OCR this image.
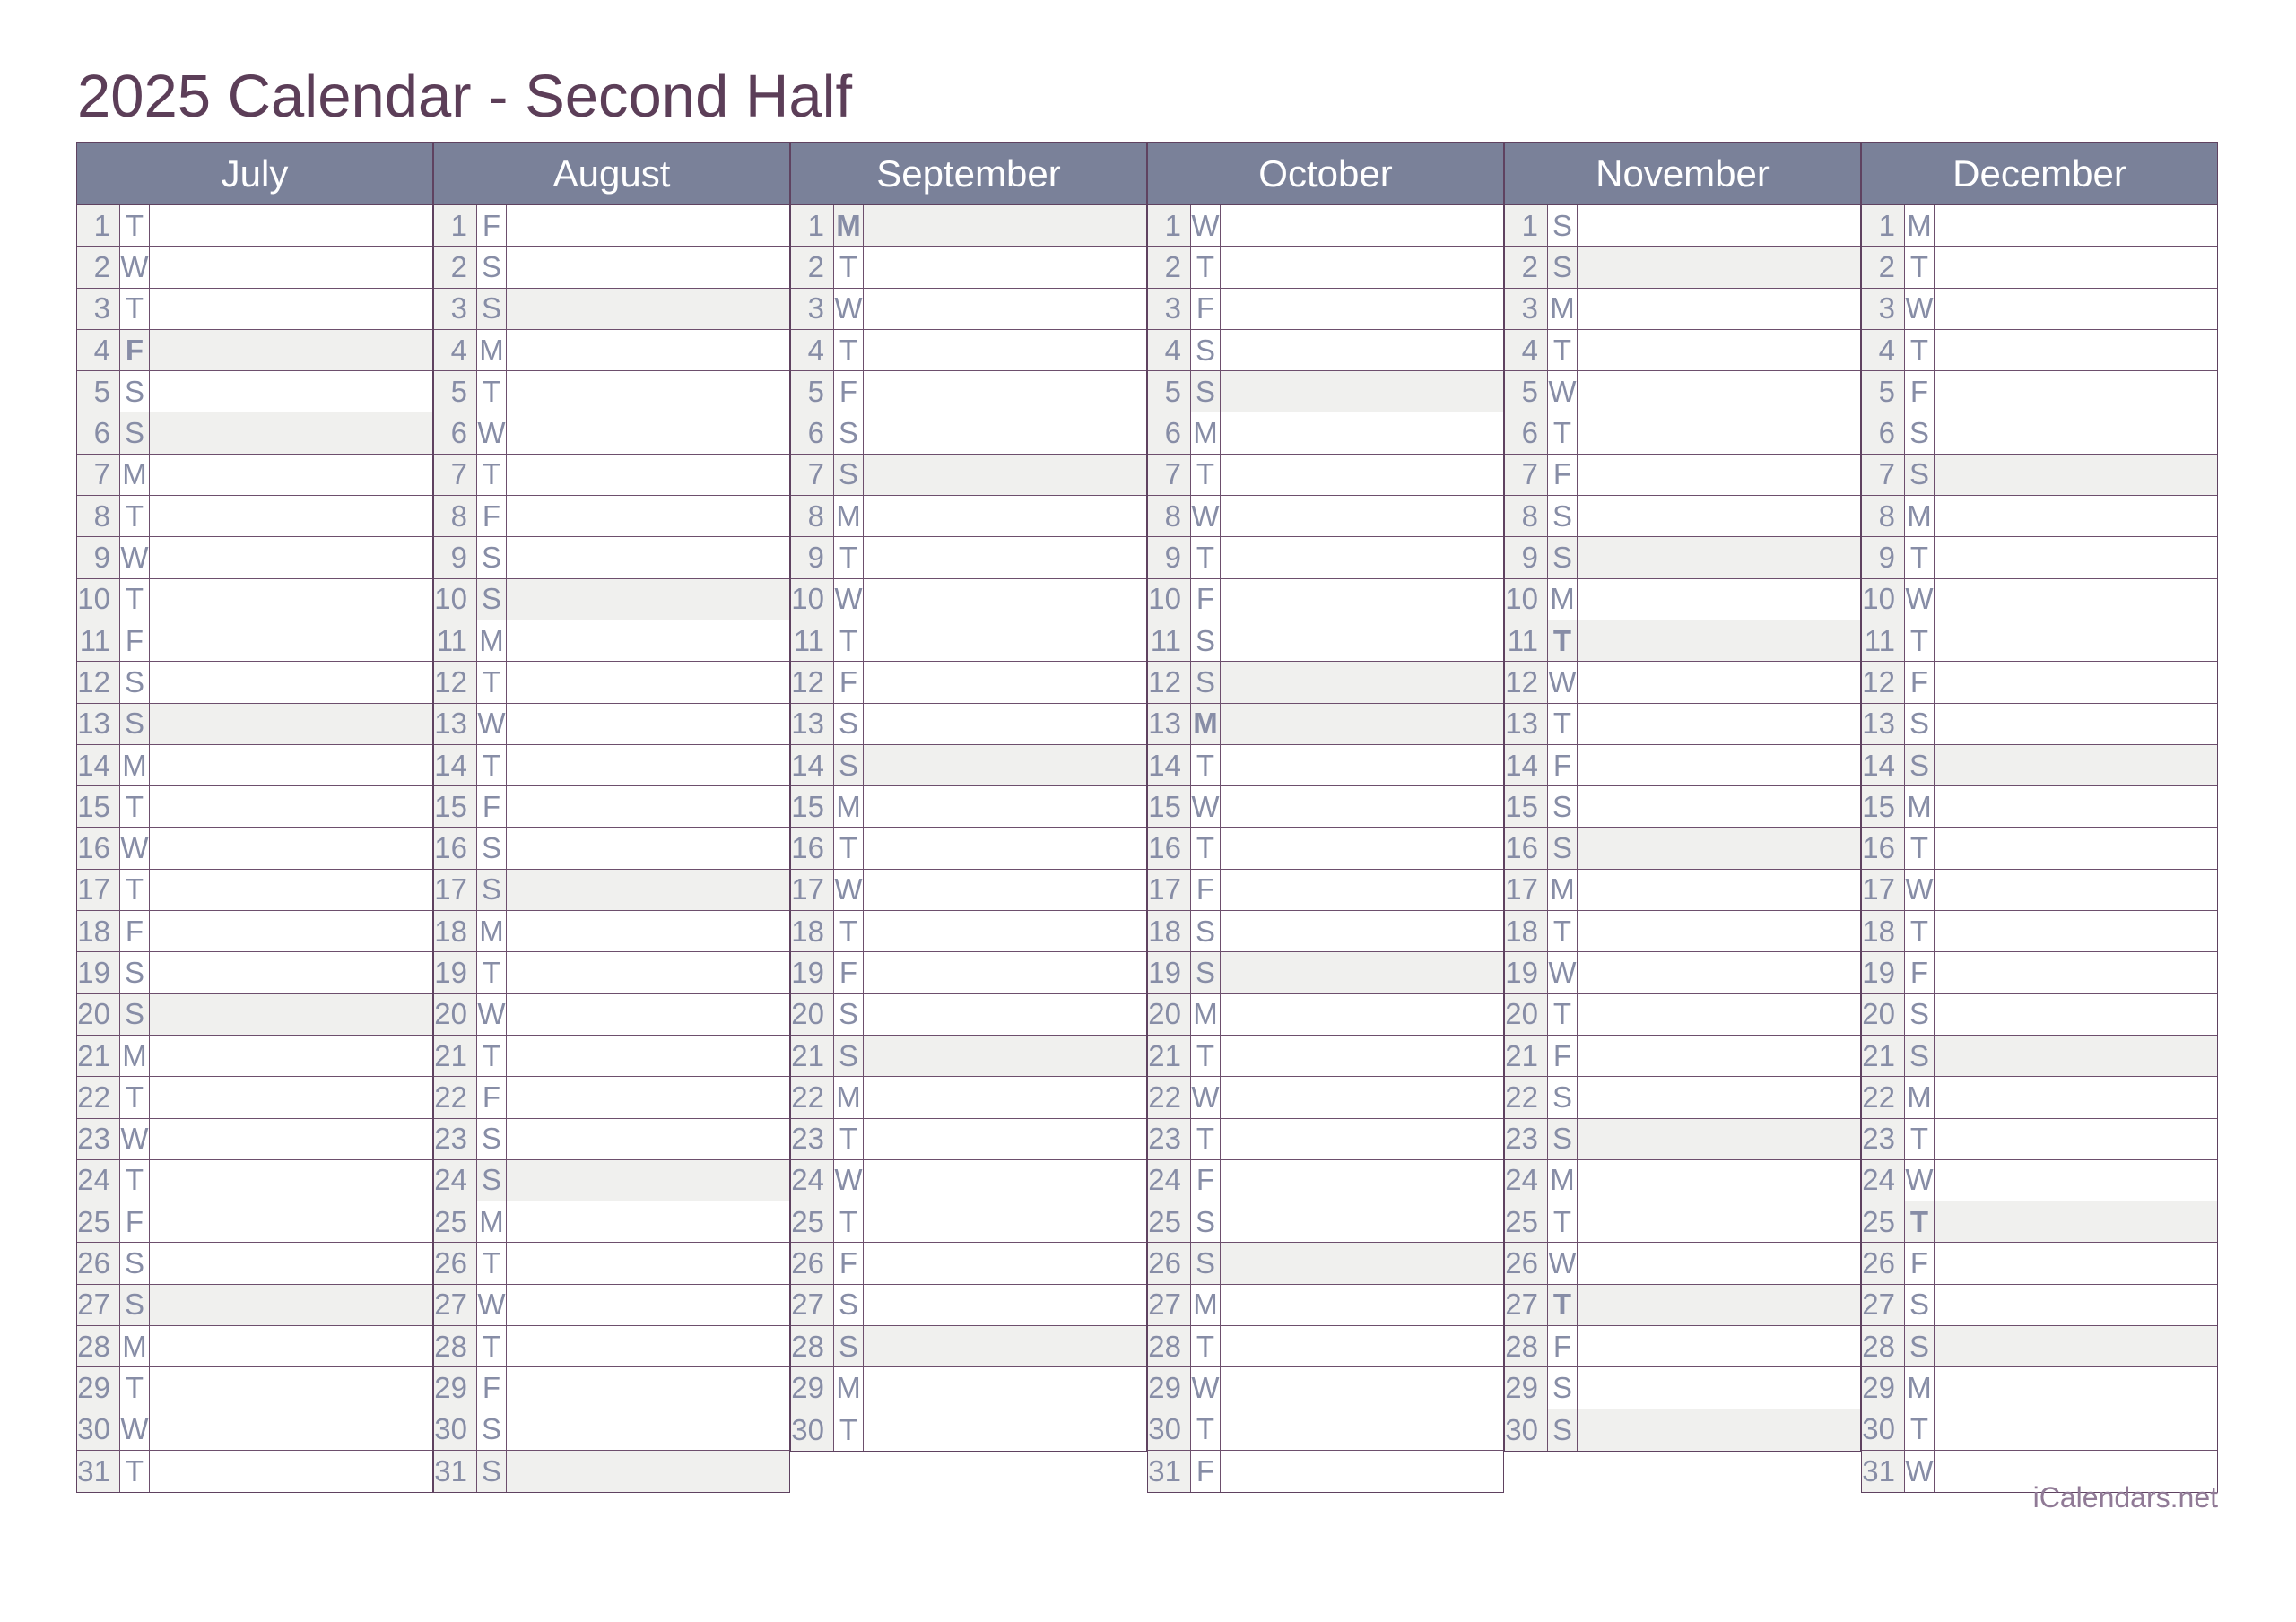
2025 Calendar - Second Half
July
1 T
2 W
3 T
4 F
5 S
6 S
7 M
8 T
9 W
10 T
11 F
12 S
13 S
14 M
15 T
16 W
17 T
18 F
19 S
20 S
21 M
22 T
23 W
24 T
25 F
26 S
27 S
28 M
29 T
30 W
31 T
August
1 F
2 S
3 S
4 M
5 T
6 W
7 T
8 F
9 S
10 S
11 M
12 T
13 W
14 T
15 F
16 S
17 S
18 M
19 T
20 W
21 T
22 F
23 S
24 S
25 M
26 T
27 W
28 T
29 F
30 S
31 S
September
1 M
2 T
3 W
4 T
5 F
6 S
7 S
8 M
9 T
10 W
11 T
12 F
13 S
14 S
15 M
16 T
17 W
18 T
19 F
20 S
21 S
22 M
23 T
24 W
25 T
26 F
27 S
28 S
29 M
30 T
October
1 W
2 T
3 F
4 S
5 S
6 M
7 T
8 W
9 T
10 F
11 S
12 S
13 M
14 T
15 W
16 T
17 F
18 S
19 S
20 M
21 T
22 W
23 T
24 F
25 S
26 S
27 M
28 T
29 W
30 T
31 F
November
1 S
2 S
3 M
4 T
5 W
6 T
7 F
8 S
9 S
10 M
11 T
12 W
13 T
14 F
15 S
16 S
17 M
18 T
19 W
20 T
21 F
22 S
23 S
24 M
25 T
26 W
27 T
28 F
29 S
30 S
December
1 M
2 T
3 W
4 T
5 F
6 S
7 S
8 M
9 T
10 W
11 T
12 F
13 S
14 S
15 M
16 T
17 W
18 T
19 F
20 S
21 S
22 M
23 T
24 W
25 T
26 F
27 S
28 S
29 M
30 T
31 W
iCalendars.net
